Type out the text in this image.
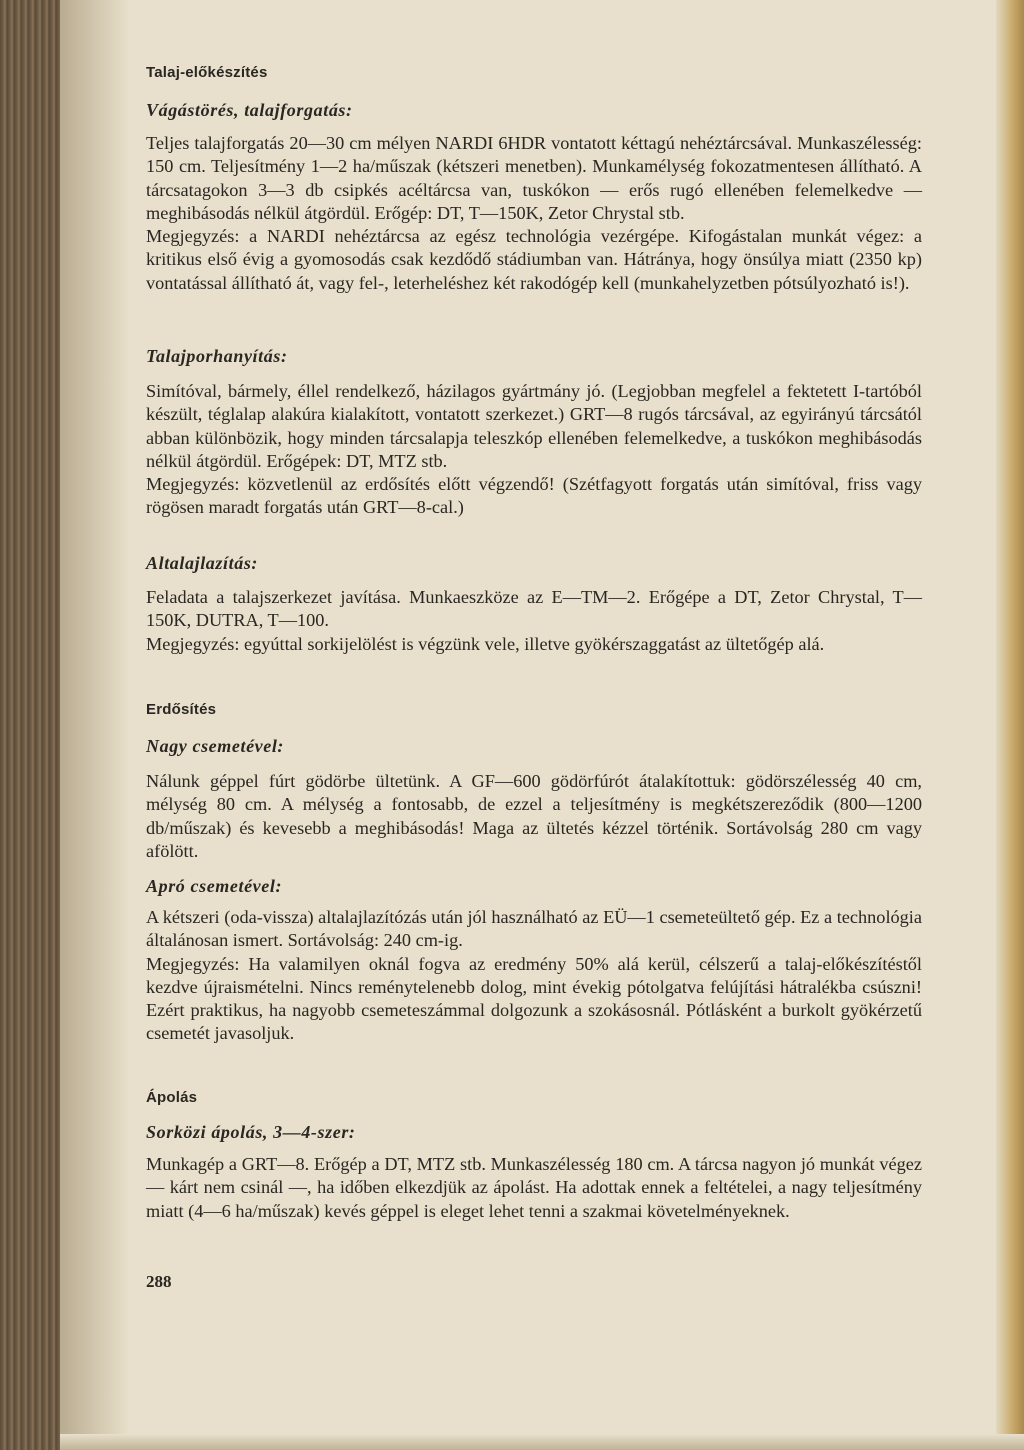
Talaj-előkészítés
Vágástörés, talajforgatás:

Teljes talajforgatás 20—30 cm mélyen NARDI 6HDR vontatott kéttagú nehéztárcsával. Munkaszélesség: 150 cm. Teljesítmény 1—2 ha/műszak (kétszeri menetben). Munkamélység fokozatmentesen állítható. A tárcsatagokon 3—3 db csipkés acéltárcsa van, tuskókon — erős rugó ellenében felemelkedve — meghibásodás nélkül átgördül. Erőgép: DT, T—150K, Zetor Chrystal stb.

Megjegyzés: a NARDI nehéztárcsa az egész technológia vezérgépe. Kifogástalan munkát végez: a kritikus első évig a gyomosodás csak kezdődő stádiumban van. Hátránya, hogy önsúlya miatt (2350 kp) vontatással állítható át, vagy fel-, leterheléshez két rakodógép kell (munkahelyzetben pótsúlyozható is!).

Talajporhanyítás:

Simítóval, bármely, éllel rendelkező, házilagos gyártmány jó. (Legjobban megfelel a fektetett I-tartóból készült, téglalap alakúra kialakított, vontatott szerkezet.) GRT—8 rugós tárcsával, az egyirányú tárcsától abban különbözik, hogy minden tárcsalapja teleszkóp ellenében felemelkedve, a tuskókon meghibásodás nélkül átgördül. Erőgépek: DT, MTZ stb.

Megjegyzés: közvetlenül az erdősítés előtt végzendő! (Szétfagyott forgatás után simítóval, friss vagy rögösen maradt forgatás után GRT—8-cal.)

Altalajlazítás:

Feladata a talajszerkezet javítása. Munkaeszköze az E—TM—2. Erőgépe a DT, Zetor Chrystal, T—150K, DUTRA, T—100.

Megjegyzés: egyúttal sorkijelölést is végzünk vele, illetve gyökérszaggatást az ültetőgép alá.

Erdősítés
Nagy csemetével:

Nálunk géppel fúrt gödörbe ültetünk. A GF—600 gödörfúrót átalakítottuk: gödörszélesség 40 cm, mélység 80 cm. A mélység a fontosabb, de ezzel a teljesítmény is megkétszereződik (800—1200 db/műszak) és kevesebb a meghibásodás! Maga az ültetés kézzel történik. Sortávolság 280 cm vagy afölött.

Apró csemetével:

A kétszeri (oda-vissza) altalajlazítózás után jól használható az EÜ—1 csemeteültető gép. Ez a technológia általánosan ismert. Sortávolság: 240 cm-ig.

Megjegyzés: Ha valamilyen oknál fogva az eredmény 50% alá kerül, célszerű a talaj-előkészítéstől kezdve újraismételni. Nincs reménytelenebb dolog, mint évekig pótolgatva felújítási hátralékba csúszni! Ezért praktikus, ha nagyobb csemeteszámmal dolgozunk a szokásosnál. Pótlásként a burkolt gyökérzetű csemetét javasoljuk.

Ápolás
Sorközi ápolás, 3—4-szer:

Munkagép a GRT—8. Erőgép a DT, MTZ stb. Munkaszélesség 180 cm. A tárcsa nagyon jó munkát végez — kárt nem csinál —, ha időben elkezdjük az ápolást. Ha adottak ennek a feltételei, a nagy teljesítmény miatt (4—6 ha/műszak) kevés géppel is eleget lehet tenni a szakmai követelményeknek.

288
